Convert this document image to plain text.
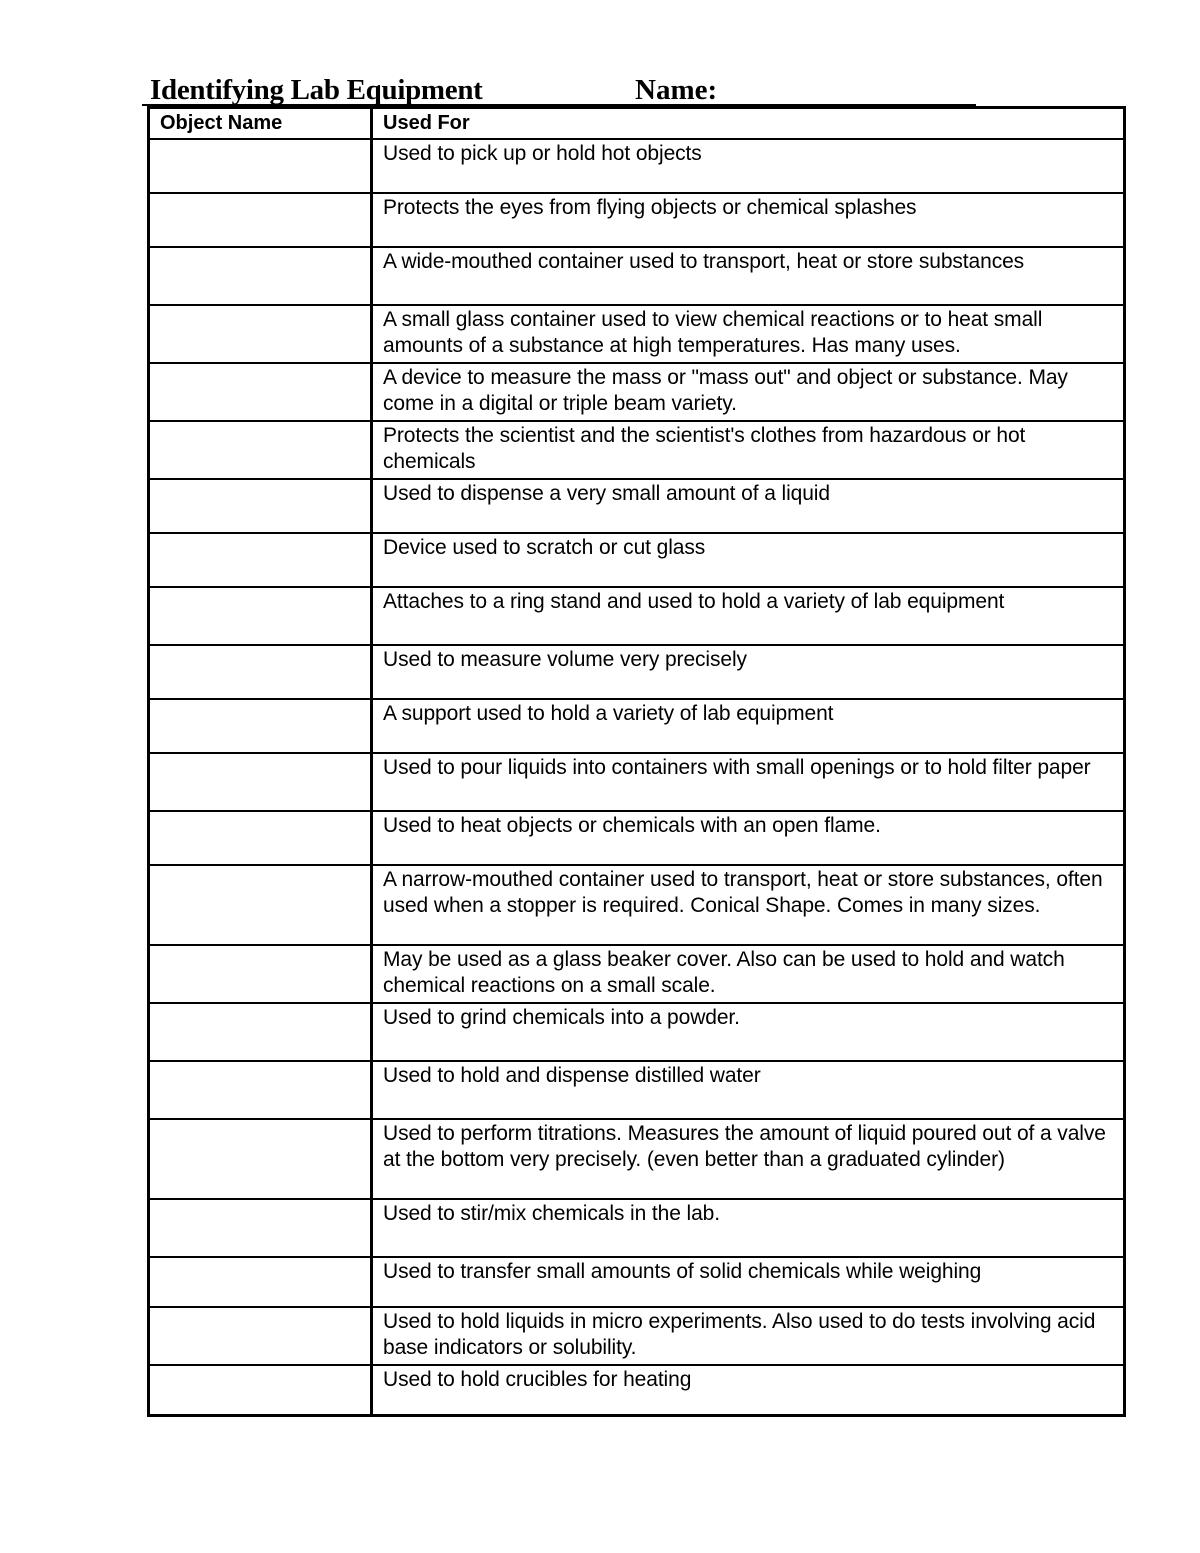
Identifying Lab Equipment	Name:
Object Name	Used For
	Used to pick up or hold hot objects
	Protects the eyes from flying objects or chemical splashes
	A wide-mouthed container used to transport, heat or store substances
	A small glass container used to view chemical reactions or to heat small amounts of a substance at high temperatures. Has many uses.
	A device to measure the mass or "mass out" and object or substance. May come in a digital or triple beam variety.
	Protects the scientist and the scientist's clothes from hazardous or hot chemicals
	Used to dispense a very small amount of a liquid
	Device used to scratch or cut glass
	Attaches to a ring stand and used to hold a variety of lab equipment
	Used to measure volume very precisely
	A support used to hold a variety of lab equipment
	Used to pour liquids into containers with small openings or to hold filter paper
	Used to heat objects or chemicals with an open flame.
	A narrow-mouthed container used to transport, heat or store substances, often used when a stopper is required. Conical Shape. Comes in many sizes.
	May be used as a glass beaker cover. Also can be used to hold and watch chemical reactions on a small scale.
	Used to grind chemicals into a powder.
	Used to hold and dispense distilled water
	Used to perform titrations. Measures the amount of liquid poured out of a valve at the bottom very precisely. (even better than a graduated cylinder)
	Used to stir/mix chemicals in the lab.
	Used to transfer small amounts of solid chemicals while weighing
	Used to hold liquids in micro experiments. Also used to do tests involving acid base indicators or solubility.
	Used to hold crucibles for heating
